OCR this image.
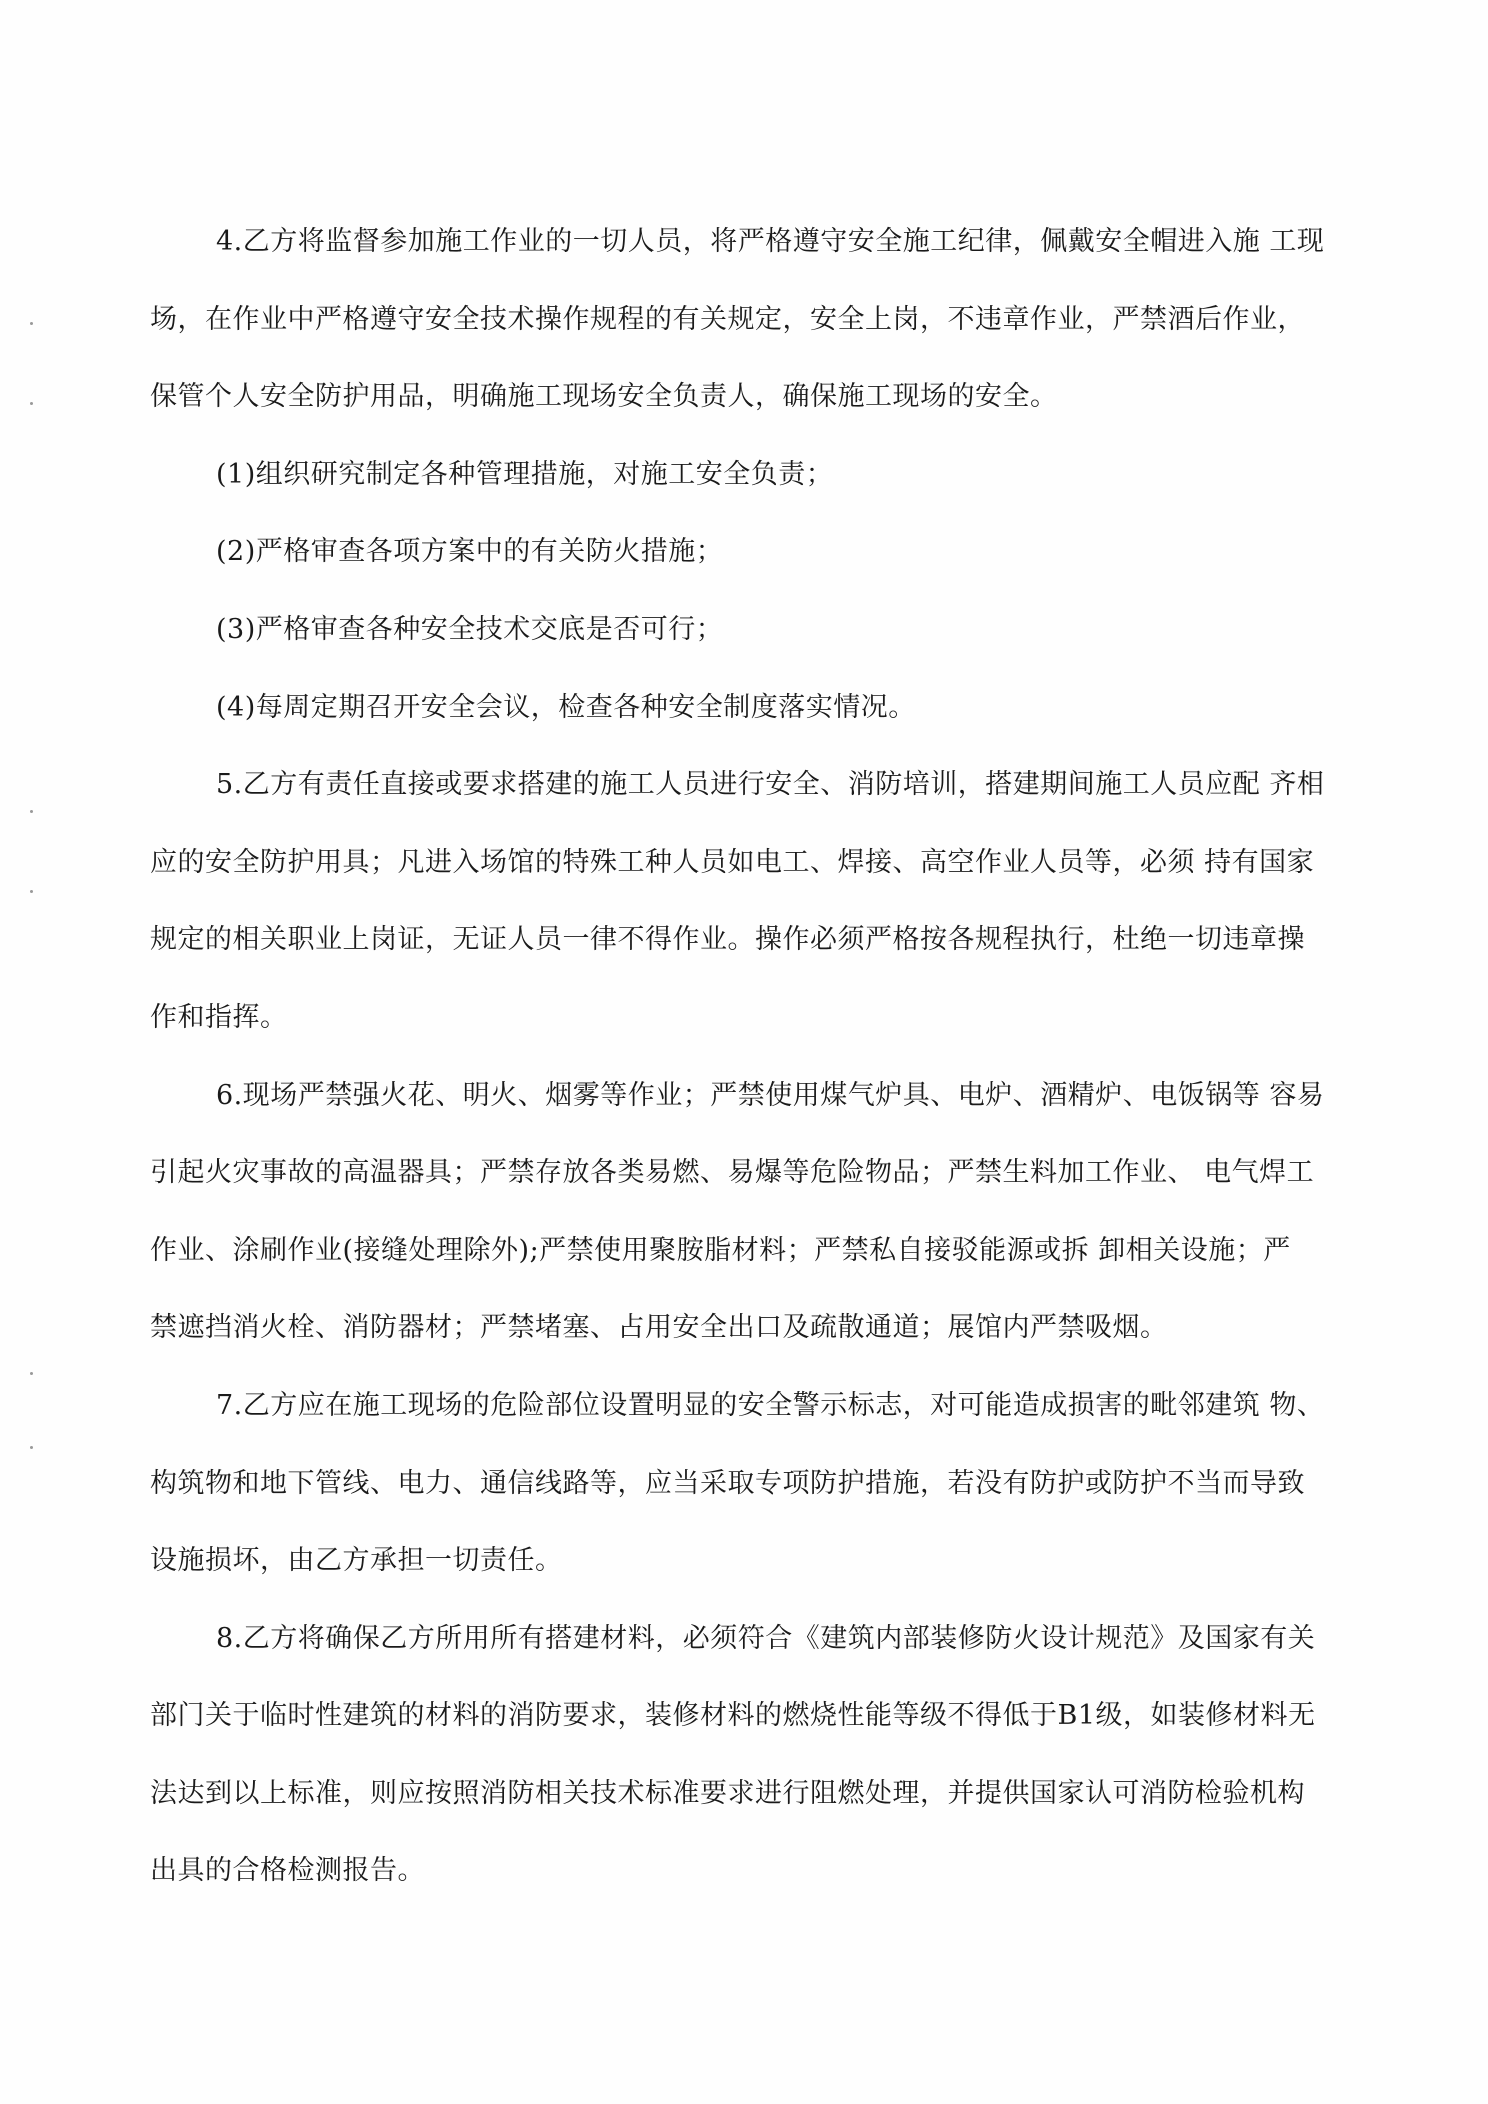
4.乙方将监督参加施工作业的一切人员，将严格遵守安全施工纪律，佩戴安全帽进入施 工现
场，在作业中严格遵守安全技术操作规程的有关规定，安全上岗，不违章作业，严禁酒后作业，
保管个人安全防护用品，明确施工现场安全负责人，确保施工现场的安全。
(1)组织研究制定各种管理措施，对施工安全负责；
(2)严格审查各项方案中的有关防火措施；
(3)严格审查各种安全技术交底是否可行；
(4)每周定期召开安全会议，检查各种安全制度落实情况。
5.乙方有责任直接或要求搭建的施工人员进行安全、消防培训，搭建期间施工人员应配 齐相
应的安全防护用具；凡进入场馆的特殊工种人员如电工、焊接、高空作业人员等，必须 持有国家
规定的相关职业上岗证，无证人员一律不得作业。操作必须严格按各规程执行，杜绝一切违章操
作和指挥。
6.现场严禁强火花、明火、烟雾等作业；严禁使用煤气炉具、电炉、酒精炉、电饭锅等 容易
引起火灾事故的高温器具；严禁存放各类易燃、易爆等危险物品；严禁生料加工作业、 电气焊工
作业、涂刷作业(接缝处理除外);严禁使用聚胺脂材料；严禁私自接驳能源或拆 卸相关设施；严
禁遮挡消火栓、消防器材；严禁堵塞、占用安全出口及疏散通道；展馆内严禁吸烟。
7.乙方应在施工现场的危险部位设置明显的安全警示标志，对可能造成损害的毗邻建筑 物、
构筑物和地下管线、电力、通信线路等，应当采取专项防护措施，若没有防护或防护不当而导致
设施损坏，由乙方承担一切责任。
8.乙方将确保乙方所用所有搭建材料，必须符合《建筑内部装修防火设计规范》及国家有关
部门关于临时性建筑的材料的消防要求，装修材料的燃烧性能等级不得低于B1级，如装修材料无
法达到以上标准，则应按照消防相关技术标准要求进行阻燃处理，并提供国家认可消防检验机构
出具的合格检测报告。
